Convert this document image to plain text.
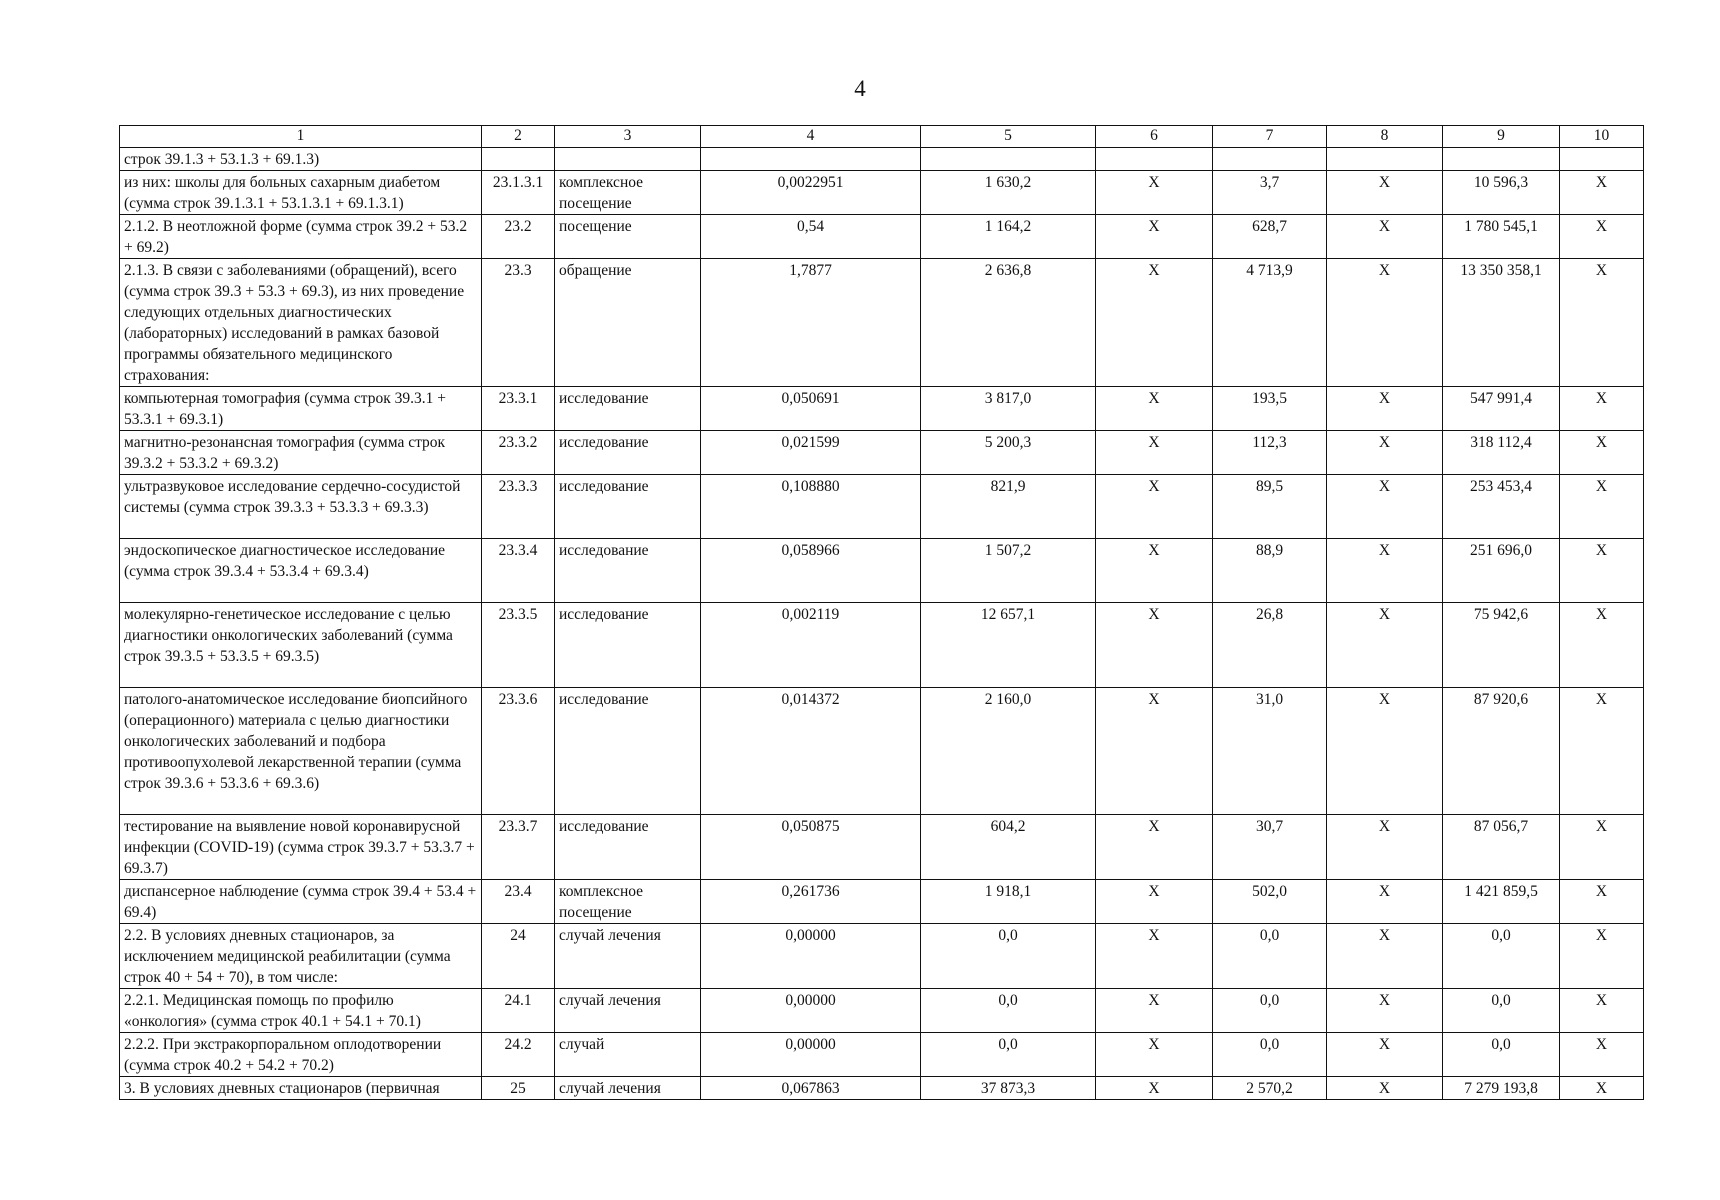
4
1	2	3	4	5	6	7	8	9	10
строк 39.1.3 + 53.1.3 + 69.1.3)									
из них: школы для больных сахарным диабетом (сумма строк 39.1.3.1 + 53.1.3.1 + 69.1.3.1)	23.1.3.1	комплексное посещение	0,0022951	1 630,2	Х	3,7	Х	10 596,3	Х
2.1.2. В неотложной форме (сумма строк 39.2 + 53.2 + 69.2)	23.2	посещение	0,54	1 164,2	Х	628,7	Х	1 780 545,1	Х
2.1.3. В связи с заболеваниями (обращений), всего (сумма строк 39.3 + 53.3 + 69.3), из них проведение следующих отдельных диагностических (лабораторных) исследований в рамках базовой программы обязательного медицинского страхования:	23.3	обращение	1,7877	2 636,8	Х	4 713,9	Х	13 350 358,1	Х
компьютерная томография (сумма строк 39.3.1 + 53.3.1 + 69.3.1)	23.3.1	исследование	0,050691	3 817,0	Х	193,5	Х	547 991,4	Х
магнитно-резонансная томография (сумма строк 39.3.2 + 53.3.2 + 69.3.2)	23.3.2	исследование	0,021599	5 200,3	Х	112,3	Х	318 112,4	Х
ультразвуковое исследование сердечно-сосудистой системы (сумма строк 39.3.3 + 53.3.3 + 69.3.3)	23.3.3	исследование	0,108880	821,9	Х	89,5	Х	253 453,4	Х
эндоскопическое диагностическое исследование (сумма строк 39.3.4 + 53.3.4 + 69.3.4)	23.3.4	исследование	0,058966	1 507,2	Х	88,9	Х	251 696,0	Х
молекулярно-генетическое исследование с целью диагностики онкологических заболеваний (сумма строк 39.3.5 + 53.3.5 + 69.3.5)	23.3.5	исследование	0,002119	12 657,1	Х	26,8	Х	75 942,6	Х
патолого-анатомическое исследование биопсийного (операционного) материала с целью диагностики онкологических заболеваний и подбора противоопухолевой лекарственной терапии (сумма строк 39.3.6 + 53.3.6 + 69.3.6)	23.3.6	исследование	0,014372	2 160,0	Х	31,0	Х	87 920,6	Х
тестирование на выявление новой коронавирусной инфекции (COVID-19) (сумма строк 39.3.7 + 53.3.7 + 69.3.7)	23.3.7	исследование	0,050875	604,2	Х	30,7	Х	87 056,7	Х
диспансерное наблюдение (сумма строк 39.4 + 53.4 + 69.4)	23.4	комплексное посещение	0,261736	1 918,1	Х	502,0	Х	1 421 859,5	Х
2.2. В условиях дневных стационаров, за исключением медицинской реабилитации (сумма строк 40 + 54 + 70), в том числе:	24	случай лечения	0,00000	0,0	Х	0,0	Х	0,0	Х
2.2.1. Медицинская помощь по профилю «онкология» (сумма строк 40.1 + 54.1 + 70.1)	24.1	случай лечения	0,00000	0,0	Х	0,0	Х	0,0	Х
2.2.2. При экстракорпоральном оплодотворении (сумма строк 40.2 + 54.2 + 70.2)	24.2	случай	0,00000	0,0	Х	0,0	Х	0,0	Х
3. В условиях дневных стационаров (первичная	25	случай лечения	0,067863	37 873,3	Х	2 570,2	Х	7 279 193,8	Х
